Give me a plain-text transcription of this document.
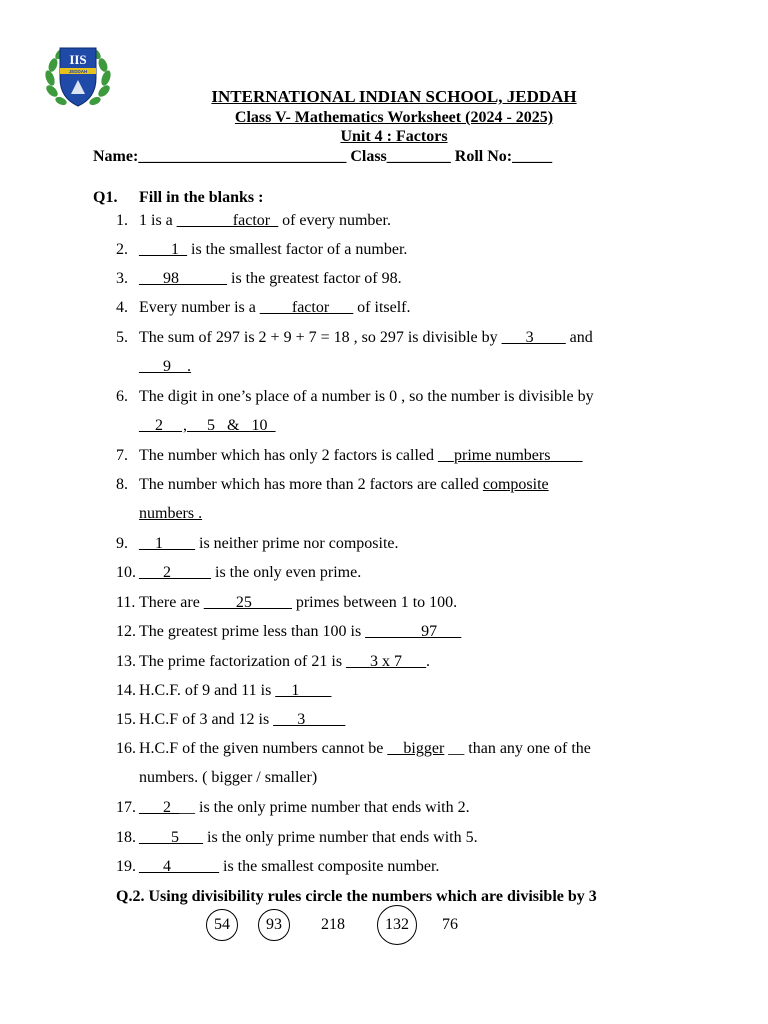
IIS
JEDDAH
INTERNATIONAL INDIAN SCHOOL, JEDDAH
Class V- Mathematics Worksheet (2024 - 2025)
Unit 4 : Factors
Name:__________________________ Class________ Roll No:_____
Q1. Fill in the blanks :
1. 1 is a _______factor_ of every number.
2. ____1_ is the smallest factor of a number.
3. ___98______ is the greatest factor of 98.
4. Every number is a ____factor___ of itself.
5. The sum of 297 is 2 + 9 + 7 = 18 , so 297 is divisible by ___3____ and
6. The digit in one’s place of a number is 0 , so the number is divisible by
7. The number which has only 2 factors is called __prime numbers____
8. The number which has more than 2 factors are called composite
9. __1____ is neither prime nor composite.
10. ___2_____ is the only even prime.
11. There are ____25_____ primes between 1 to 100.
12. The greatest prime less than 100 is _______97___
13. The prime factorization of 21 is ___3 x 7___.
14. H.C.F. of 9 and 11 is __1____
15. H.C.F of 3 and 12 is ___3_____
16. H.C.F of the given numbers cannot be __bigger __ than any one of the
17. ___2___ is the only prime number that ends with 2.
18. ____5___ is the only prime number that ends with 5.
19. ___4______ is the smallest composite number.
___9__.
__2__ , __5_ & _10_
numbers .
numbers. ( bigger / smaller)
Q.2. Using divisibility rules circle the numbers which are divisible by 3
54	93	218	132	76
